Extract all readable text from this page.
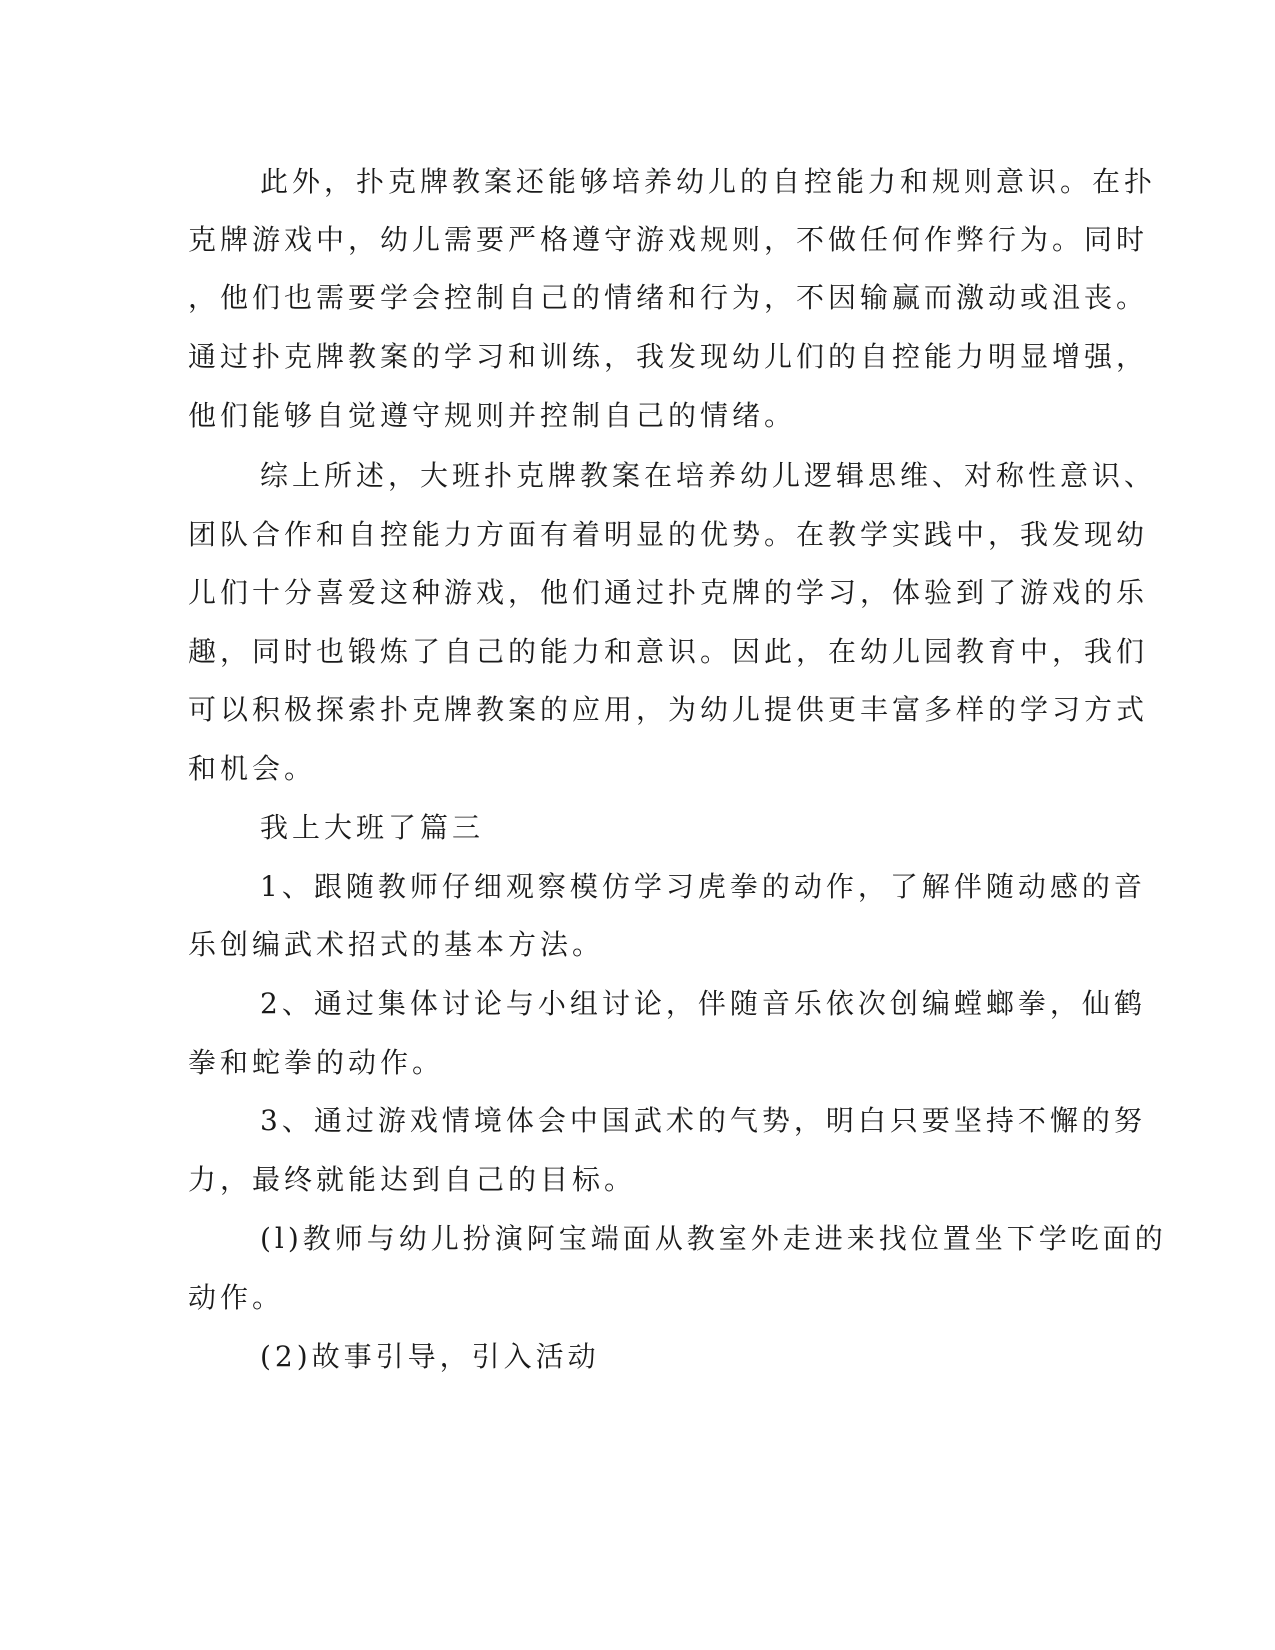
此外，扑克牌教案还能够培养幼儿的自控能力和规则意识。在扑
克牌游戏中，幼儿需要严格遵守游戏规则，不做任何作弊行为。同时
，他们也需要学会控制自己的情绪和行为，不因输赢而激动或沮丧。
通过扑克牌教案的学习和训练，我发现幼儿们的自控能力明显增强，
他们能够自觉遵守规则并控制自己的情绪。
综上所述，大班扑克牌教案在培养幼儿逻辑思维、对称性意识、
团队合作和自控能力方面有着明显的优势。在教学实践中，我发现幼
儿们十分喜爱这种游戏，他们通过扑克牌的学习，体验到了游戏的乐
趣，同时也锻炼了自己的能力和意识。因此，在幼儿园教育中，我们
可以积极探索扑克牌教案的应用，为幼儿提供更丰富多样的学习方式
和机会。
我上大班了篇三
1、跟随教师仔细观察模仿学习虎拳的动作，了解伴随动感的音
乐创编武术招式的基本方法。
2、通过集体讨论与小组讨论，伴随音乐依次创编螳螂拳，仙鹤
拳和蛇拳的动作。
3、通过游戏情境体会中国武术的气势，明白只要坚持不懈的努
力，最终就能达到自己的目标。
(l)教师与幼儿扮演阿宝端面从教室外走进来找位置坐下学吃面的
动作。
(2)故事引导，引入活动
